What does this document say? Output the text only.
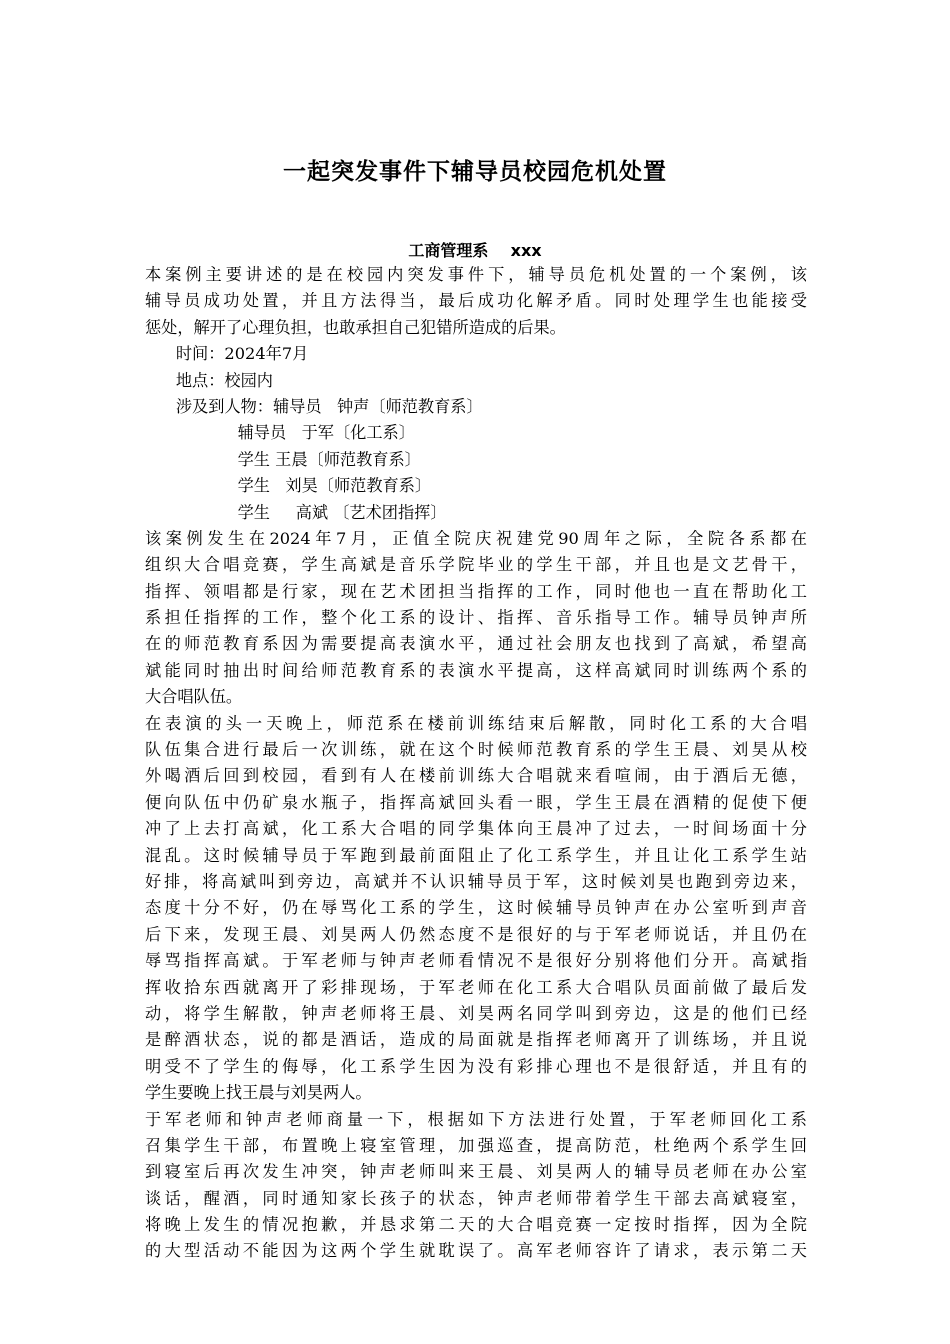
一起突发事件下辅导员校园危机处置
工商管理系    xxx
本案例主要讲述的是在校园内突发事件下，辅导员危机处置的一个案例，该
辅导员成功处置，并且方法得当，最后成功化解矛盾。同时处理学生也能接受
惩处，解开了心理负担，也敢承担自己犯错所造成的后果。
时间：2024年7月
地点：校园内
涉及到人物：辅导员   钟声〔师范教育系〕
辅导员   于军〔化工系〕
学生 王晨〔师范教育系〕
学生   刘昊〔师范教育系〕
学生     高斌 〔艺术团指挥〕
该案例发生在2024年7月，正值全院庆祝建党90周年之际，全院各系都在
组织大合唱竞赛，学生高斌是音乐学院毕业的学生干部，并且也是文艺骨干，
指挥、领唱都是行家，现在艺术团担当指挥的工作，同时他也一直在帮助化工
系担任指挥的工作，整个化工系的设计、指挥、音乐指导工作。辅导员钟声所
在的师范教育系因为需要提高表演水平，通过社会朋友也找到了高斌，希望高
斌能同时抽出时间给师范教育系的表演水平提高，这样高斌同时训练两个系的
大合唱队伍。
在表演的头一天晚上，师范系在楼前训练结束后解散，同时化工系的大合唱
队伍集合进行最后一次训练，就在这个时候师范教育系的学生王晨、刘昊从校
外喝酒后回到校园，看到有人在楼前训练大合唱就来看喧闹，由于酒后无德，
便向队伍中仍矿泉水瓶子，指挥高斌回头看一眼，学生王晨在酒精的促使下便
冲了上去打高斌，化工系大合唱的同学集体向王晨冲了过去，一时间场面十分
混乱。这时候辅导员于军跑到最前面阻止了化工系学生，并且让化工系学生站
好排，将高斌叫到旁边，高斌并不认识辅导员于军，这时候刘昊也跑到旁边来，
态度十分不好，仍在辱骂化工系的学生，这时候辅导员钟声在办公室听到声音
后下来，发现王晨、刘昊两人仍然态度不是很好的与于军老师说话，并且仍在
辱骂指挥高斌。于军老师与钟声老师看情况不是很好分别将他们分开。高斌指
挥收拾东西就离开了彩排现场，于军老师在化工系大合唱队员面前做了最后发
动，将学生解散，钟声老师将王晨、刘昊两名同学叫到旁边，这是的他们已经
是醉酒状态，说的都是酒话，造成的局面就是指挥老师离开了训练场，并且说
明受不了学生的侮辱，化工系学生因为没有彩排心理也不是很舒适，并且有的
学生要晚上找王晨与刘昊两人。
于军老师和钟声老师商量一下，根据如下方法进行处置，于军老师回化工系
召集学生干部，布置晚上寝室管理，加强巡查，提高防范，杜绝两个系学生回
到寝室后再次发生冲突，钟声老师叫来王晨、刘昊两人的辅导员老师在办公室
谈话，醒酒，同时通知家长孩子的状态，钟声老师带着学生干部去高斌寝室，
将晚上发生的情况抱歉，并恳求第二天的大合唱竞赛一定按时指挥，因为全院
的大型活动不能因为这两个学生就耽误了。高军老师容许了请求，表示第二天
